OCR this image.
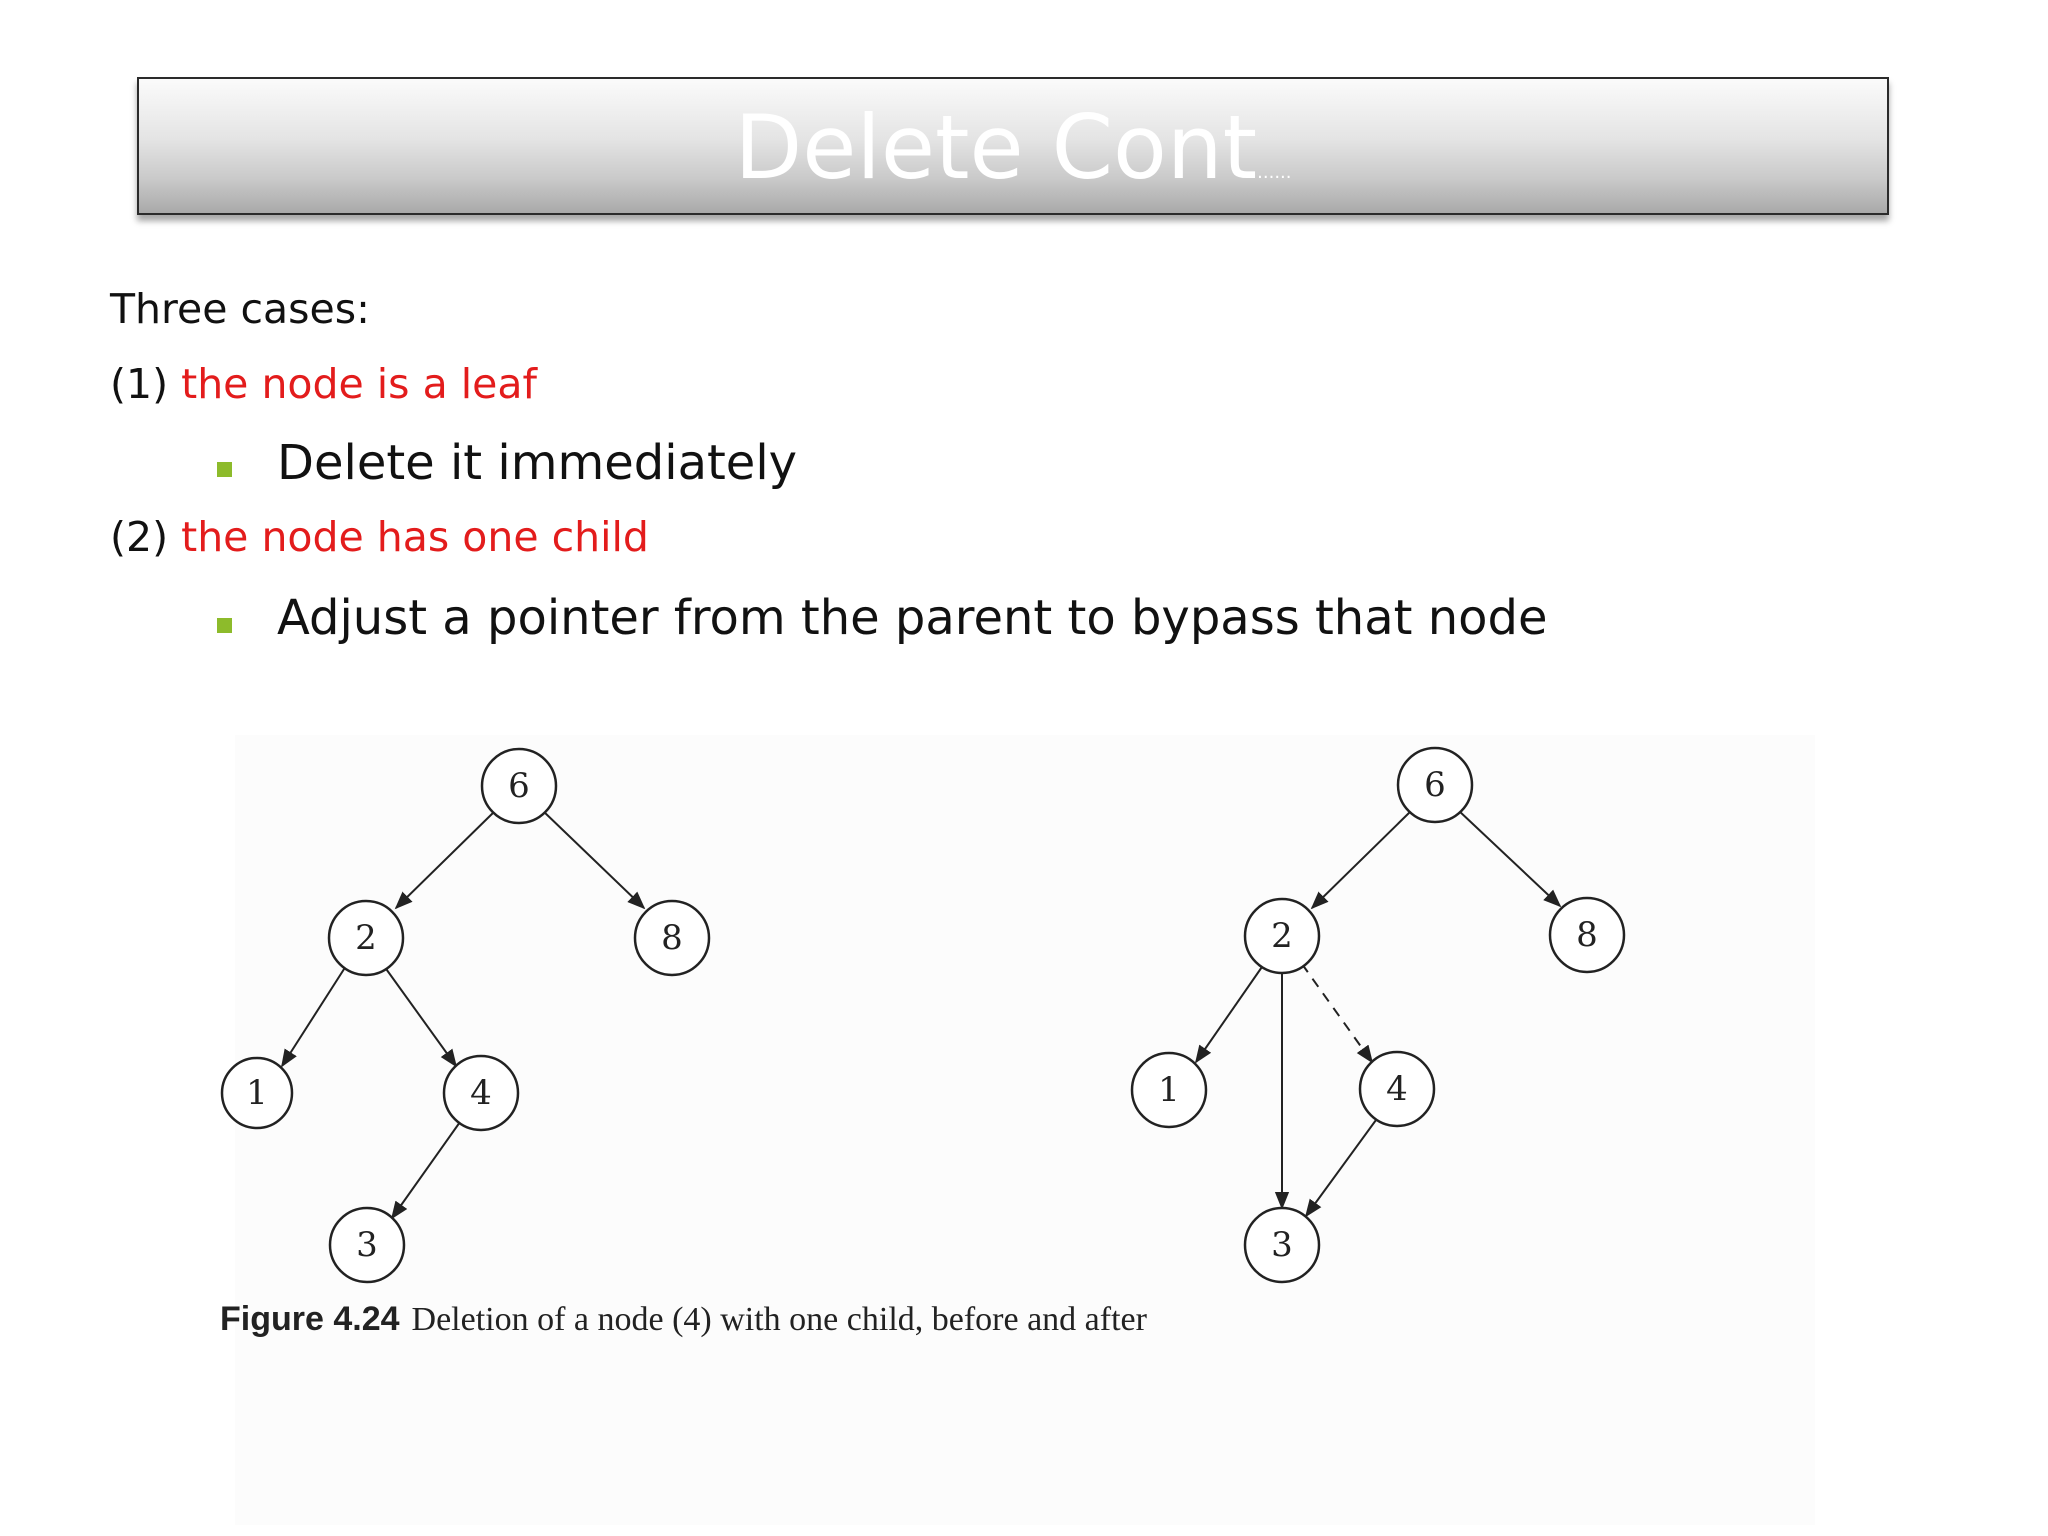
Delete Cont......
Three cases:
(1) the node is a leaf
Delete it immediately
(2) the node has one child
Adjust a pointer from the parent to bypass that node
6
2	8
1	4
3
6
2	8
1	4
3
Figure 4.24 Deletion of a node (4) with one child, before and after
